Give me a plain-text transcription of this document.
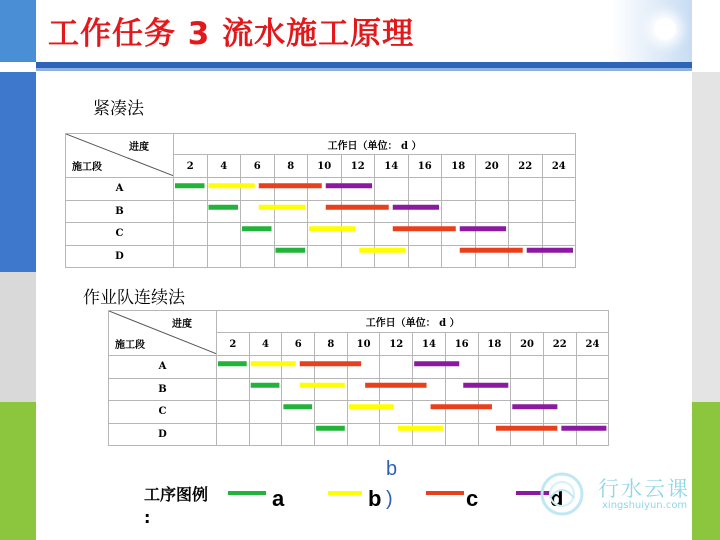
工作任务 3 流水施工原理
紧凑法
进度
施工段	工作日（单位： d ）											
	2	4	6	8	10	12	14	16	18	20	22	24
A												
B												
C												
D												
作业队连续法
进度
施工段	工作日（单位： d ）											
	2	4	6	8	10	12	14	16	18	20	22	24
A												
B												
C												
D												
工序图例
:
a	b
b
)	c	d 行水云课
xingshuiyun.com
